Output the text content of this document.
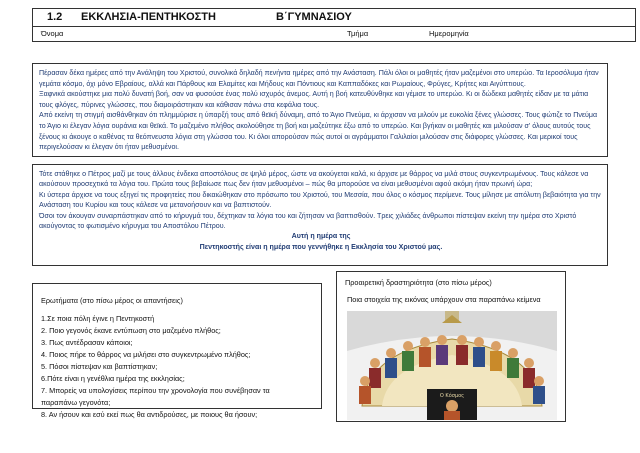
1.2 ΕΚΚΛΗΣΙΑ-ΠΕΝΤΗΚΟΣΤΗ	Β΄ΓΥΜΝΑΣΙΟΥ
Όνομα	Τμήμα	Ημερομηνία

Πέρασαν δέκα ημέρες από την Ανάληψη του Χριστού, συνολικά δηλαδή πενήντα ημέρες από την Ανάσταση. Πάλι όλοι οι μαθητές ήταν μαζεμένοι στο υπερώο. Τα Ιεροσόλυμα ήταν γεμάτα κόσμο, όχι μόνο Εβραίους, αλλά και Πάρθους και Ελαμίτες και Μήδους και Πόντιους και Καππαδόκες και Ρωμαίους, Φρύγες, Κρήτες και Αιγύπτιους.

Ξαφνικά ακούστηκε μια πολύ δυνατή βοή, σαν να φυσούσε ένας πολύ ισχυρός άνεμος. Αυτή η βοή κατευθύνθηκε και γέμισε το υπερώο. Κι οι δώδεκα μαθητές είδαν με τα μάτια τους φλόγες, πύρινες γλώσσες, που διαμοιράστηκαν και κάθισαν πάνω στα κεφάλια τους.

Από εκείνη τη στιγμή αισθάνθηκαν ότι πλημμύρισε η ύπαρξή τους από θεϊκή δύναμη, από το Άγιο Πνεύμα, κι άρχισαν να μιλούν με ευκολία ξένες γλώσσες. Τους φώτιζε το Πνεύμα το Άγιο κι έλεγαν λόγια ουράνια και θεϊκά. Το μαζεμένο πλήθος ακολούθησε τη βοή και μαζεύτηκε έξω από το υπερώο. Και βγήκαν οι μαθητές και μιλούσαν σ' όλους αυτούς τους ξένους κι άκουγε ο καθένας τα θεόπνευστα λόγια στη γλώσσα του. Κι όλοι απορούσαν πώς αυτοί οι αγράμματοι Γαλιλαίοι μιλούσαν στις διάφορες γλώσσες. Και μερικοί τους περιγελούσαν κι έλεγαν ότι ήταν μεθυσμένοι.

Τότε στάθηκε ο Πέτρος μαζί με τους άλλους ένδεκα αποστόλους σε ψηλό μέρος, ώστε να ακούγεται καλά, κι άρχισε με θάρρος να μιλά στους συγκεντρωμένους. Τους κάλεσε να ακούσουν προσεχτικά τα λόγια του. Πρώτα τους βεβαίωσε πως δεν ήταν μεθυσμένοι – πώς θα μπορούσε να είναι μεθυσμένοι αφού ακόμη ήταν πρωινή ώρα;

Κι ύστερα άρχισε να τους εξηγεί τις προφητείες που δικαιώθηκαν στο πρόσωπο του Χριστού, του Μεσσία, που όλος ο κόσμος περίμενε. Τους μίλησε με απόλυτη βεβαιότητα για την Ανάσταση του Κυρίου και τους κάλεσε να μετανοήσουν και να βαπτιστούν.

Όσοι τον άκουγαν συναρπάστηκαν από το κήρυγμά του, δέχτηκαν τα λόγια του και ζήτησαν να βαπτισθούν. Τρεις χιλιάδες άνθρωποι πίστεψαν εκείνη την ημέρα στο Χριστό ακούγοντας το φωτισμένο κήρυγμα του Αποστόλου Πέτρου.

Αυτή η ημέρα της

Πεντηκοστής είναι η ημέρα που γεννήθηκε η Εκκλησία του Χριστού μας.

Ερωτήματα (στο πίσω μέρος οι απαντήσεις)
1.Σε ποια πόλη έγινε η Πεντηκοστή
2. Ποιο γεγονός έκανε εντύπωση στο μαζεμένο πλήθος;
3. Πως αντέδρασαν κάποιοι;
4. Ποιος πήρε το θάρρος να μιλήσει στο συγκεντρωμένο πλήθος;
5. Πόσοι πίστεψαν και βαπτίστηκαν;
6.Πότε είναι η γενέθλια ημέρα της εκκλησίας;
7. Μπορείς να υπολογίσεις περίπου την χρονολογία που συνέβησαν τα
παραπάνω γεγονότα;
8. Αν ήσουν και εσύ εκεί πως θα αντιδρούσες, με ποιους θα ήσουν;
Προαιρετική δραστηριότητα (στο πίσω μέρος)
Ποια στοιχεία της εικόνας υπάρχουν στα παραπάνω κείμενα
Ο Κόσμος
